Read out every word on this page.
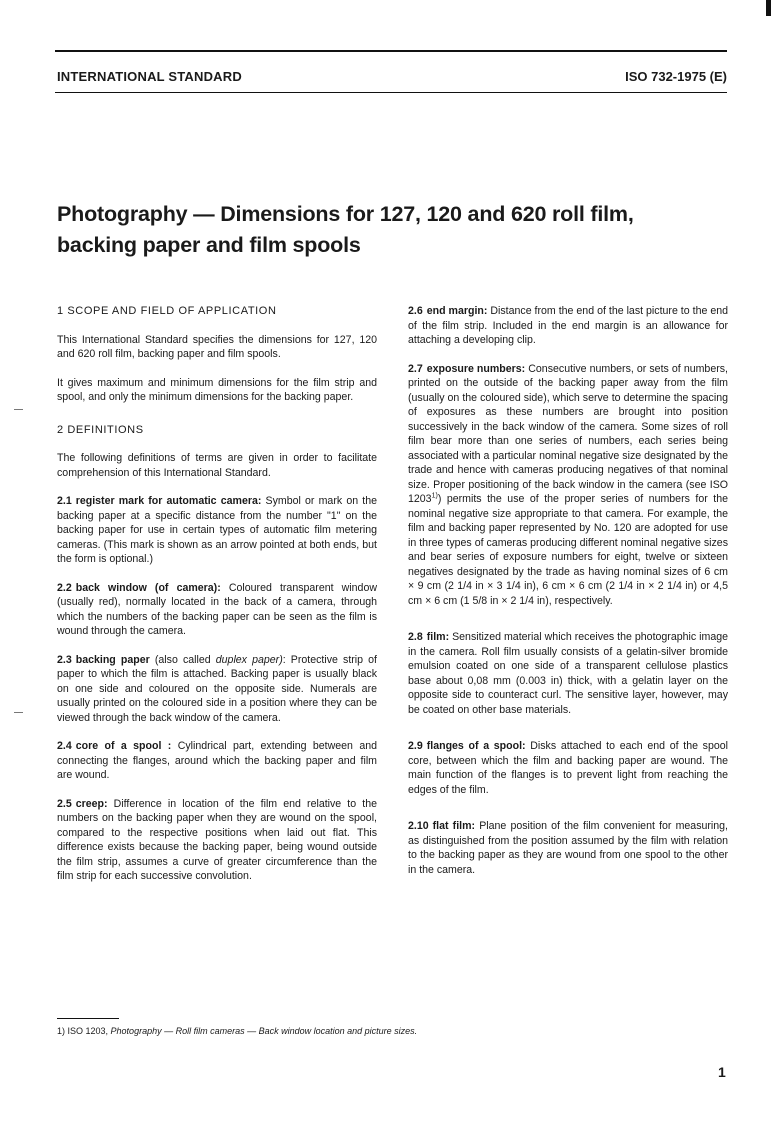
INTERNATIONAL STANDARD	ISO 732-1975 (E)
Photography — Dimensions for 127, 120 and 620 roll film,
backing paper and film spools
1 SCOPE AND FIELD OF APPLICATION

This International Standard specifies the dimensions for 127, 120 and 620 roll film, backing paper and film spools.

It gives maximum and minimum dimensions for the film strip and spool, and only the minimum dimensions for the backing paper.

2 DEFINITIONS

The following definitions of terms are given in order to facilitate comprehension of this International Standard.

2.1 register mark for automatic camera: Symbol or mark on the backing paper at a specific distance from the number "1" on the backing paper for use in certain types of automatic film metering cameras. (This mark is shown as an arrow pointed at both ends, but the form is optional.)

2.2 back window (of camera): Coloured transparent window (usually red), normally located in the back of a camera, through which the numbers of the backing paper can be seen as the film is wound through the camera.

2.3 backing paper (also called duplex paper): Protective strip of paper to which the film is attached. Backing paper is usually black on one side and coloured on the opposite side. Numerals are usually printed on the coloured side in a position where they can be viewed through the back window of the camera.

2.4 core of a spool : Cylindrical part, extending between and connecting the flanges, around which the backing paper and film are wound.

2.5 creep: Difference in location of the film end relative to the numbers on the backing paper when they are wound on the spool, compared to the respective positions when laid out flat. This difference exists because the backing paper, being wound outside the film strip, assumes a curve of greater circumference than the film strip for each successive convolution.

2.6 end margin: Distance from the end of the last picture to the end of the film strip. Included in the end margin is an allowance for attaching a developing clip.

2.7 exposure numbers: Consecutive numbers, or sets of numbers, printed on the outside of the backing paper away from the film (usually on the coloured side), which serve to determine the spacing of exposures as these numbers are brought into position successively in the back window of the camera. Some sizes of roll film bear more than one series of numbers, each series being associated with a particular nominal negative size designated by the trade and hence with cameras producing negatives of that nominal size. Proper positioning of the back window in the camera (see ISO 1203$^{1)}$) permits the use of the proper series of numbers for the nominal negative size appropriate to that camera. For example, the film and backing paper represented by No. 120 are adopted for use in three types of cameras producing different nominal negative sizes and bear series of exposure numbers for eight, twelve or sixteen negatives designated by the trade as having nominal sizes of 6 cm × 9 cm (2 1/4 in × 3 1/4 in), 6 cm × 6 cm (2 1/4 in × 2 1/4 in) or 4,5 cm × 6 cm (1 5/8 in × 2 1/4 in), respectively.

2.8 film: Sensitized material which receives the photographic image in the camera. Roll film usually consists of a gelatin-silver bromide emulsion coated on one side of a transparent cellulose plastics base about 0,08 mm (0.003 in) thick, with a gelatin layer on the opposite side to counteract curl. The sensitive layer, however, may be coated on other base materials.

2.9 flanges of a spool: Disks attached to each end of the spool core, between which the film and backing paper are wound. The main function of the flanges is to prevent light from reaching the edges of the film.

2.10 flat film: Plane position of the film convenient for measuring, as distinguished from the position assumed by the film with relation to the backing paper as they are wound from one spool to the other in the camera.

1) ISO 1203, Photography — Roll film cameras — Back window location and picture sizes.
1
